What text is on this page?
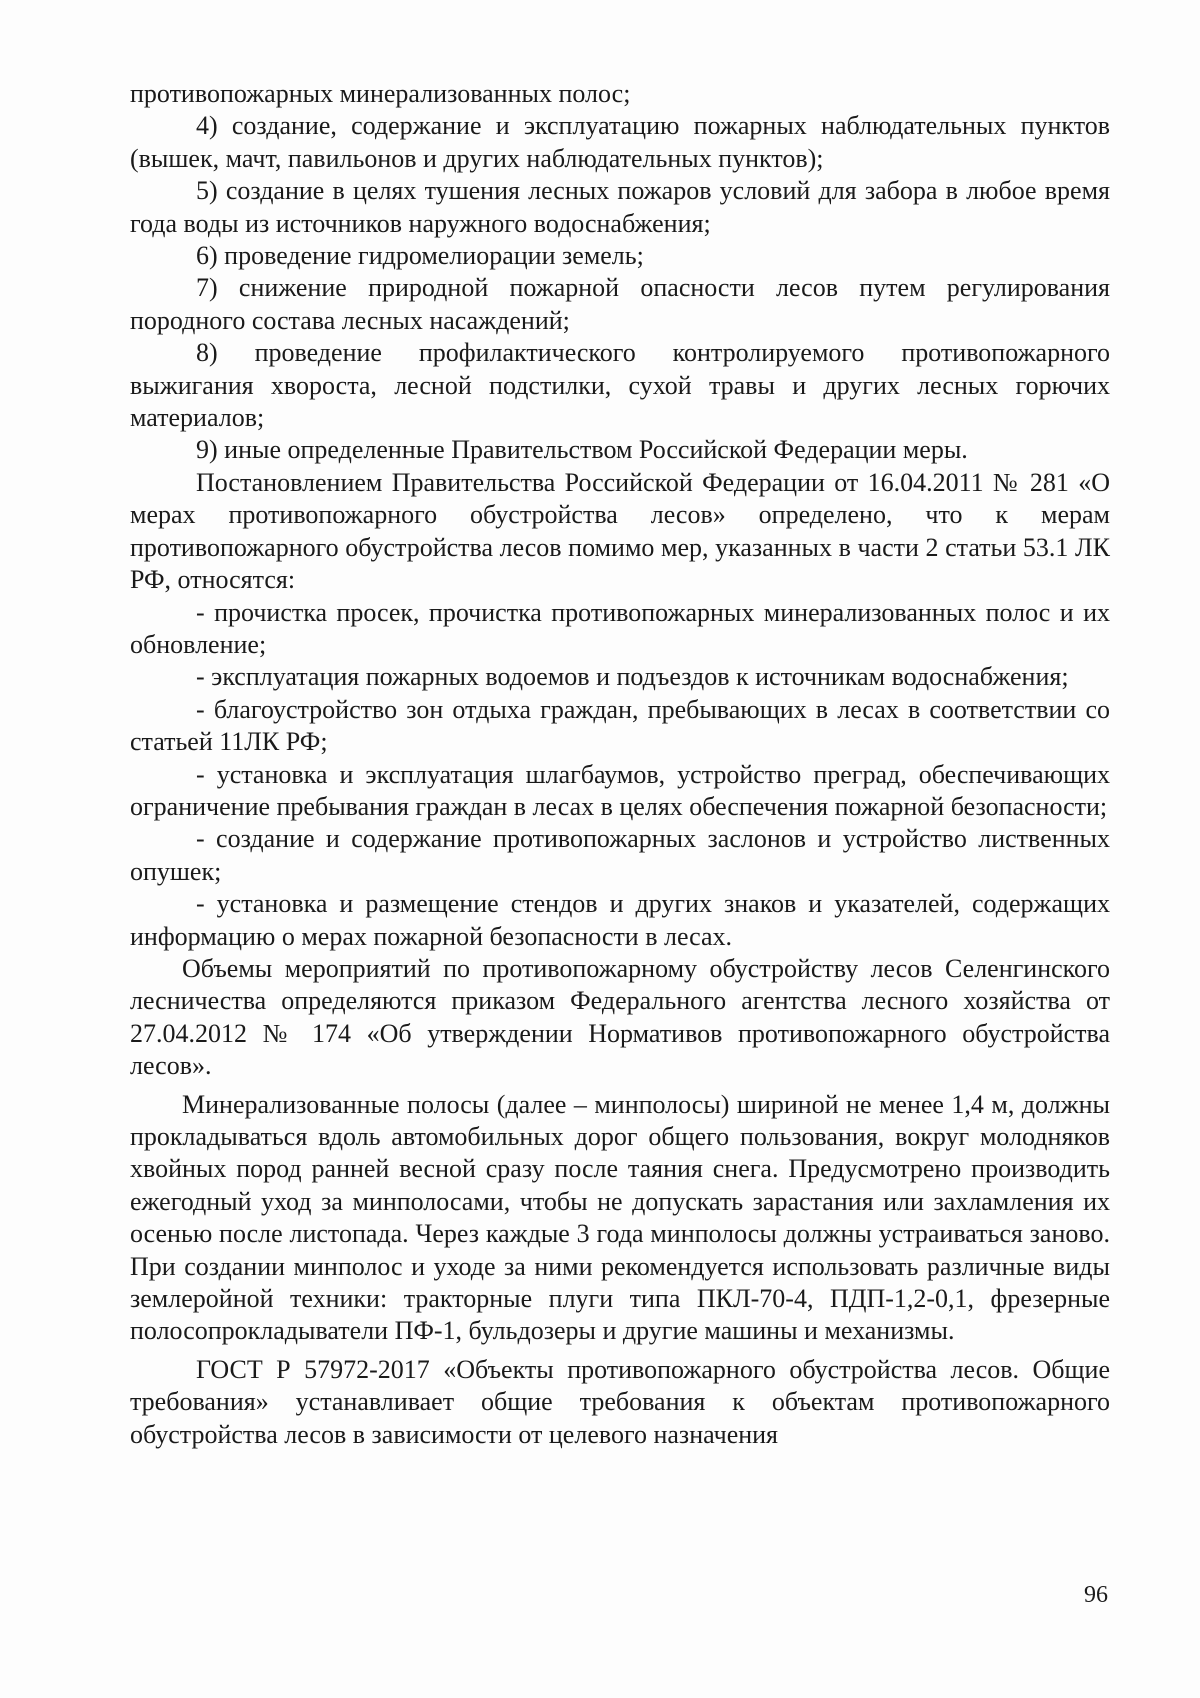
противопожарных минерализованных полос;

4) создание, содержание и эксплуатацию пожарных наблюдательных пунктов (вышек, мачт, павильонов и других наблюдательных пунктов);

5) создание в целях тушения лесных пожаров условий для забора в любое время года воды из источников наружного водоснабжения;

6) проведение гидромелиорации земель;

7) снижение природной пожарной опасности лесов путем регулирования породного состава лесных насаждений;

8) проведение профилактического контролируемого противопожарного выжигания хвороста, лесной подстилки, сухой травы и других лесных горючих материалов;

9) иные определенные Правительством Российской Федерации меры.

Постановлением Правительства Российской Федерации от 16.04.2011 № 281 «О мерах противопожарного обустройства лесов» определено, что к мерам противопожарного обустройства лесов помимо мер, указанных в части 2 статьи 53.1 ЛК РФ, относятся:

- прочистка просек, прочистка противопожарных минерализованных полос и их обновление;

- эксплуатация пожарных водоемов и подъездов к источникам водоснабжения;

- благоустройство зон отдыха граждан, пребывающих в лесах в соответствии со статьей 11ЛК РФ;

- установка и эксплуатация шлагбаумов, устройство преград, обеспечивающих ограничение пребывания граждан в лесах в целях обеспечения пожарной безопасности;

- создание и содержание противопожарных заслонов и устройство лиственных опушек;

- установка и размещение стендов и других знаков и указателей, содержащих информацию о мерах пожарной безопасности в лесах.

Объемы мероприятий по противопожарному обустройству лесов Селенгинского лесничества определяются приказом Федерального агентства лесного хозяйства от 27.04.2012 № 174 «Об утверждении Нормативов противопожарного обустройства лесов».

Минерализованные полосы (далее – минполосы) шириной не менее 1,4 м, должны прокладываться вдоль автомобильных дорог общего пользования, вокруг молодняков хвойных пород ранней весной сразу после таяния снега. Предусмотрено производить ежегодный уход за минполосами, чтобы не допускать зарастания или захламления их осенью после листопада. Через каждые 3 года минполосы должны устраиваться заново. При создании минполос и уходе за ними рекомендуется использовать различные виды землеройной техники: тракторные плуги типа ПКЛ-70-4, ПДП-1,2-0,1, фрезерные полосопрокладыватели ПФ-1, бульдозеры и другие машины и механизмы.

ГОСТ Р 57972-2017 «Объекты противопожарного обустройства лесов. Общие требования» устанавливает общие требования к объектам противопожарного обустройства лесов в зависимости от целевого назначения

96
